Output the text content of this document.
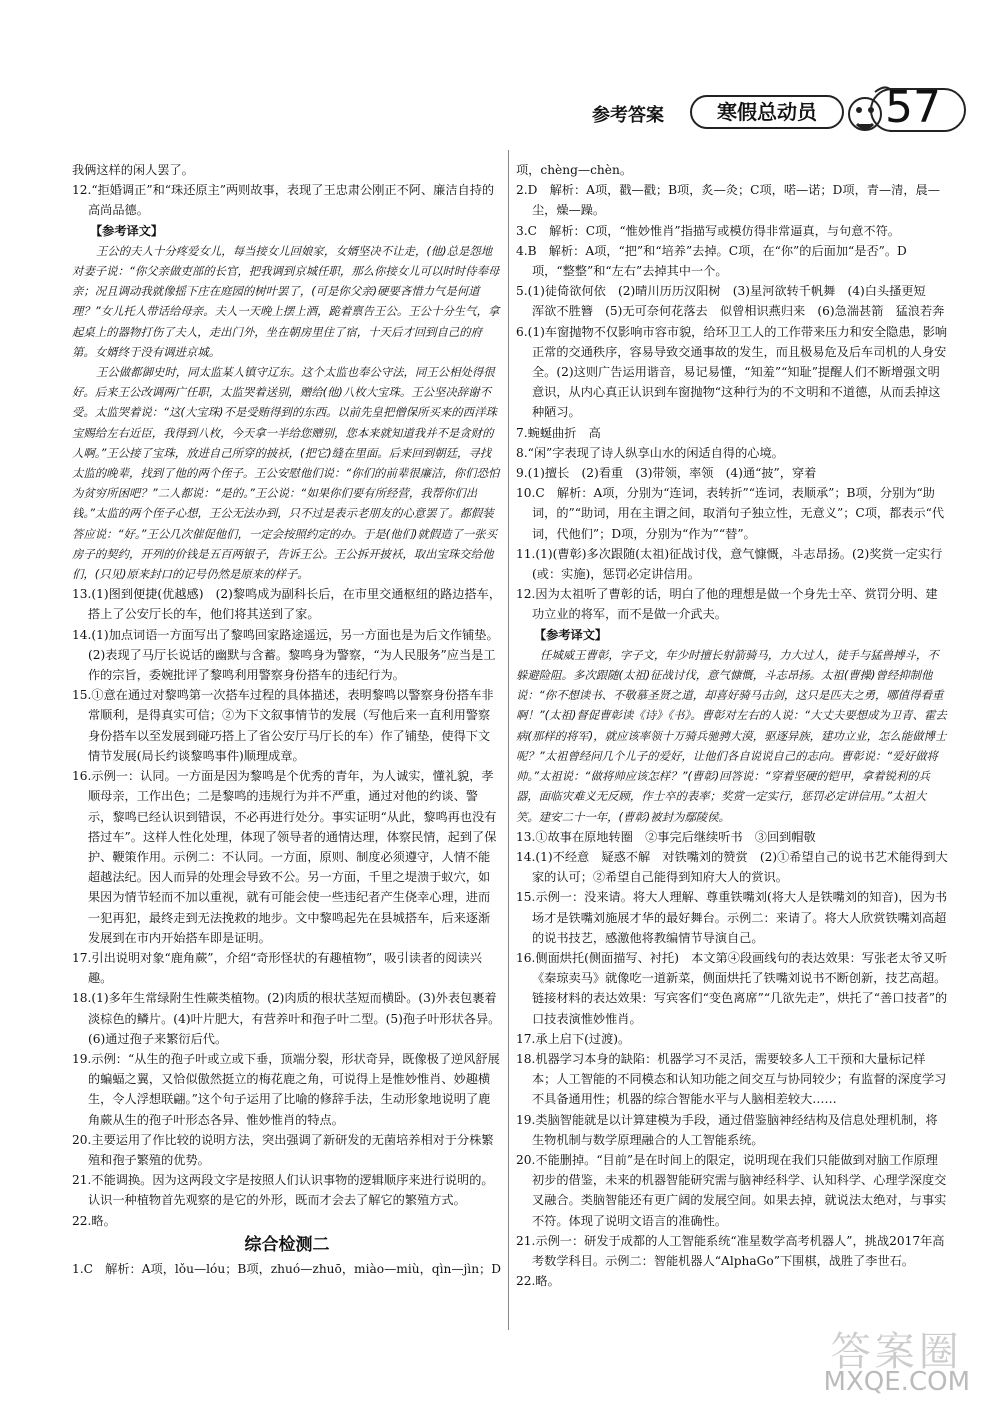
参考答案	寒假总动员	57

我俩这样的闲人罢了。

12.“拒婚调正”和“珠还原主”两则故事，表现了王忠肃公刚正不阿、廉洁自持的高尚品德。

【参考译文】

王公的夫人十分疼爱女儿，每当接女儿回娘家，女婿坚决不让走，(他)总是怨地对妻子说：“你父亲做吏部的长官，把我调到京城任职，那么你接女儿可以时时侍奉母亲；况且调动我就像摇下庄在庭园的树叶罢了，(可是你父亲)硬要吝惜力气是何道理？”女儿托人带话给母亲。夫人一天晚上摆上酒，跪着禀告王公。王公十分生气，拿起桌上的器物打伤了夫人，走出门外，坐在朝房里住了宿，十天后才回到自己的府第。女婿终于没有调进京城。

王公做都御史时，同太监某人镇守辽东。这个太监也奉公守法，同王公相处得很好。后来王公改调两广任职，太监哭着送别，赠给(他)八枚大宝珠。王公坚决辞谢不受。太监哭着说：“这(大宝珠)不是受贿得到的东西。以前先皇把僧保所买来的西洋珠宝赐给左右近臣，我得到八枚，今天拿一半给您赠别，您本来就知道我并不是贪财的人啊。”王公接了宝珠，放进自己所穿的披袄，(把它)缝在里面。后来回到朝廷，寻找太监的晚辈，找到了他的两个侄子。王公安慰他们说：“你们的前辈很廉洁，你们恐怕为贫穷所困吧？”二人都说：“是的。”王公说：“如果你们要有所经营，我帮你们出钱。”太监的两个侄子心想，王公无法办到，只不过是表示老朋友的心意罢了。都假装答应说：“好。”王公几次催促他们，一定会按照约定的办。于是(他们)就假造了一张买房子的契约，开列的价钱是五百两银子，告诉王公。王公拆开披袄，取出宝珠交给他们，(只见)原来封口的记号仍然是原来的样子。

13.(1)图到便捷(优越感)　(2)黎鸣成为副科长后，在市里交通枢纽的路边搭车，搭上了公安厅长的车，他们将其送到了家。

14.(1)加点词语一方面写出了黎鸣回家路途遥远，另一方面也是为后文作铺垫。(2)表现了马厅长说话的幽默与含蓄。黎鸣身为警察，“为人民服务”应当是工作的宗旨，委婉批评了黎鸣利用警察身份搭车的违纪行为。

15.①意在通过对黎鸣第一次搭车过程的具体描述，表明黎鸣以警察身份搭车非常顺利，是得真实可信；②为下文叙事情节的发展（写他后来一直利用警察身份搭车以至发展到碰巧搭上了省公安厅马厅长的车）作了铺垫，使得下文情节发展(局长约谈黎鸣事件)顺理成章。

16.示例一：认同。一方面是因为黎鸣是个优秀的青年，为人诚实，懂礼貌，孝顺母亲，工作出色；二是黎鸣的违规行为并不严重，通过对他的约谈、警示，黎鸣已经认识到错误，不必再进行处分。事实证明“从此，黎鸣再也没有搭过车”。这样人性化处理，体现了领导者的通情达理，体察民情，起到了保护、鞭策作用。示例二：不认同。一方面，原则、制度必须遵守，人情不能超越法纪。因人而异的处理会导致不公。另一方面，千里之堤溃于蚁穴，如果因为情节轻而不加以重视，就有可能会使一些违纪者产生侥幸心理，进而一犯再犯，最终走到无法挽救的地步。文中黎鸣起先在县城搭车，后来逐渐发展到在市内开始搭车即是证明。

17.引出说明对象“鹿角蕨”，介绍“奇形怪状的有趣植物”，吸引读者的阅读兴趣。

18.(1)多年生常绿附生性蕨类植物。(2)肉质的根状茎短而横卧。(3)外表包裹着淡棕色的鳞片。(4)叶片肥大，有营养叶和孢子叶二型。(5)孢子叶形状各异。(6)通过孢子来繁衍后代。

19.示例：“从生的孢子叶或立或下垂，顶端分裂，形状奇异，既像极了逆风舒展的蝙蝠之翼，又恰似傲然挺立的梅花鹿之角，可说得上是惟妙惟肖、妙趣横生，令人浮想联翩。”这个句子运用了比喻的修辞手法，生动形象地说明了鹿角蕨从生的孢子叶形态各异、惟妙惟肖的特点。

20.主要运用了作比较的说明方法，突出强调了新研发的无菌培养相对于分株繁殖和孢子繁殖的优势。

21.不能调换。因为这两段文字是按照人们认识事物的逻辑顺序来进行说明的。认识一种植物首先观察的是它的外形，既而才会去了解它的繁殖方式。

22.略。

综合检测二

1.C　解析：A项，lǒu—lóu；B项，zhuó—zhuō，miào—miù，qìn—jìn；D

项，chèng—chèn。

2.D　解析：A项，戳—戳；B项，炙—灸；C项，喏—诺；D项，青—清，晨—尘，燥—躁。

3.C　解析：C项，“惟妙惟肖”指描写或模仿得非常逼真，与句意不符。

4.B　解析：A项，“把”和“培养”去掉。C项，在“你”的后面加“是否”。D项，“整整”和“左右”去掉其中一个。

5.(1)徒倚欲何依　(2)晴川历历汉阳树　(3)星河欲转千帆舞　(4)白头搔更短　浑欲不胜簪　(5)无可奈何花落去　似曾相识燕归来　(6)急湍甚箭　猛浪若奔

6.(1)车窗抛物不仅影响市容市貌，给环卫工人的工作带来压力和安全隐患，影响正常的交通秩序，容易导致交通事故的发生，而且极易危及后车司机的人身安全。(2)这则广告运用谐音，易记易懂，“知羞”“知耻”提醒人们不断增强文明意识，从内心真正认识到车窗抛物“这种行为的不文明和不道德，从而丢掉这种陋习。

7.蜿蜒曲折　高

8.“闲”字表现了诗人纵享山水的闲适自得的心境。

9.(1)擅长　(2)看重　(3)带领，率领　(4)通“披”，穿着

10.C　解析：A项，分别为“连词，表转折”“连词，表顺承”；B项，分别为“助词，的”“助词，用在主谓之间，取消句子独立性，无意义”；C项，都表示“代词，代他们”；D项，分别为“作为”“替”。

11.(1)(曹彰)多次跟随(太祖)征战讨伐，意气慷慨，斗志昂扬。(2)奖赏一定实行(或：实施)，惩罚必定讲信用。

12.因为太祖听了曹彰的话，明白了他的理想是做一个身先士卒、赏罚分明、建功立业的将军，而不是做一介武夫。

【参考译文】

任城威王曹彰，字子文，年少时擅长射箭骑马，力大过人，徒手与猛兽搏斗，不躲避险阻。多次跟随(太祖)征战讨伐，意气慷慨，斗志昂扬。太祖(曹操)曾经抑制他说：“你不想读书、不敬慕圣贤之道，却喜好骑马击剑，这只是匹夫之勇，哪值得看重啊！”(太祖)督促曹彰读《诗》《书》。曹彰对左右的人说：“大丈夫要想成为卫青、霍去病(那样的将军)，就应该率领十万骑兵驰骋大漠，驱逐异族，建功立业，怎么能做博士呢？”太祖曾经问几个儿子的爱好，让他们各自说说自己的志向。曹彰说：“爱好做将帅。”太祖说：“做将帅应该怎样？”(曹彰)回答说：“穿着坚硬的铠甲，拿着锐利的兵器，面临灾难义无反顾，作士卒的表率；奖赏一定实行，惩罚必定讲信用。”太祖大笑。建安二十一年，(曹彰)被封为鄢陵侯。

13.①故事在原地转圈　②事完后继续听书　③回到帽敬

14.(1)不经意　疑惑不解　对铁嘴刘的赞赏　(2)①希望自己的说书艺术能得到大家的认可；②希望自己能得到知府大人的赏识。

15.示例一：没来请。将大人理解、尊重铁嘴刘(将大人是铁嘴刘的知音)，因为书场才是铁嘴刘施展才华的最好舞台。示例二：来请了。将大人欣赏铁嘴刘高超的说书技艺，感激他将教编情节导演自己。

16.侧面烘托(侧面描写、衬托)　本文第④段画线句的表达效果：写张老太爷又听《秦琼卖马》就像吃一道新菜，侧面烘托了铁嘴刘说书不断创新，技艺高超。链接材料的表达效果：写宾客们“变色离席”“几欲先走”，烘托了“善口技者”的口技表演惟妙惟肖。

17.承上启下(过渡)。

18.机器学习本身的缺陷：机器学习不灵活，需要较多人工干预和大量标记样本；人工智能的不同模态和认知功能之间交互与协同较少；有监督的深度学习不具备通用性；机器的综合智能水平与人脑相差较大……

19.类脑智能就是以计算建模为手段，通过借鉴脑神经结构及信息处理机制，将生物机制与数学原理融合的人工智能系统。

20.不能删掉。“目前”是在时间上的限定，说明现在我们只能做到对脑工作原理初步的借鉴，未来的机器智能研究需与脑神经科学、认知科学、心理学深度交叉融合。类脑智能还有更广阔的发展空间。如果去掉，就说法太绝对，与事实不符。体现了说明文语言的准确性。

21.示例一：研发于成都的人工智能系统“准星数学高考机器人”，挑战2017年高考数学科目。示例二：智能机器人“AlphaGo”下围棋，战胜了李世石。

22.略。

答案圈
MXQE.COM
